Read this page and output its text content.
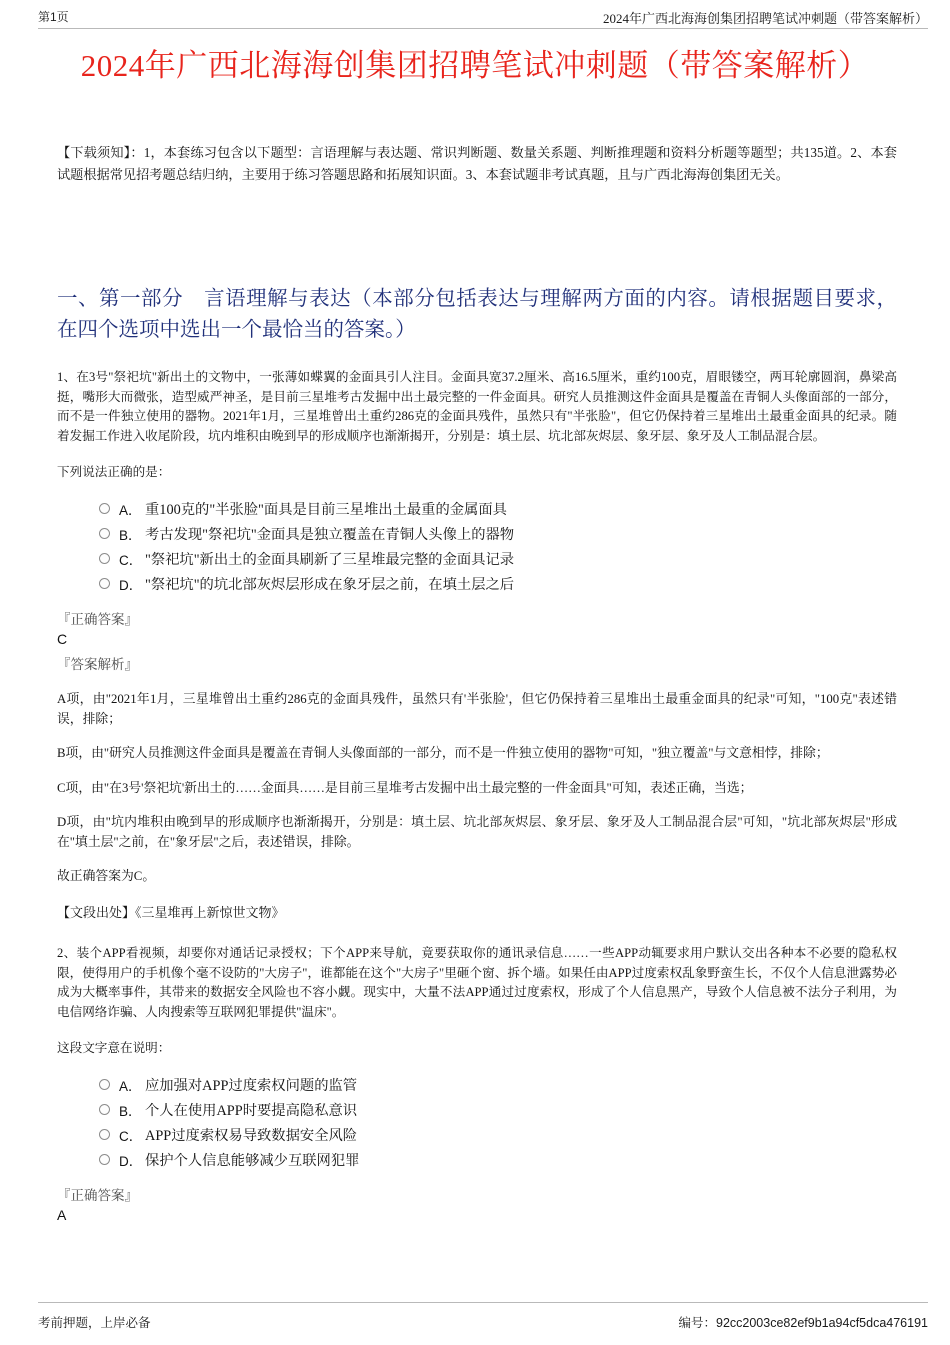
第1页	2024年广西北海海创集团招聘笔试冲刺题（带答案解析）
2024年广西北海海创集团招聘笔试冲刺题（带答案解析）

【下载须知】：1，本套练习包含以下题型：言语理解与表达题、常识判断题、数量关系题、判断推理题和资料分析题等题型；共135道。2、本套试题根据常见招考题总结归纳，主要用于练习答题思路和拓展知识面。3、本套试题非考试真题，且与广西北海海创集团无关。

一、第一部分　言语理解与表达（本部分包括表达与理解两方面的内容。请根据题目要求，在四个选项中选出一个最恰当的答案。）
1、在3号"祭祀坑"新出土的文物中，一张薄如蝶翼的金面具引人注目。金面具宽37.2厘米、高16.5厘米，重约100克，眉眼镂空，两耳轮廓圆润，鼻梁高挺，嘴形大而微张，造型威严神圣，是目前三星堆考古发掘中出土最完整的一件金面具。研究人员推测这件金面具是覆盖在青铜人头像面部的一部分，而不是一件独立使用的器物。2021年1月，三星堆曾出土重约286克的金面具残件，虽然只有"半张脸"，但它仍保持着三星堆出土最重金面具的纪录。随着发掘工作进入收尾阶段，坑内堆积由晚到早的形成顺序也渐渐揭开，分别是：填土层、坑北部灰烬层、象牙层、象牙及人工制品混合层。
下列说法正确的是：
A． 重100克的"半张脸"面具是目前三星堆出土最重的金属面具
B． 考古发现"祭祀坑"金面具是独立覆盖在青铜人头像上的器物
C． "祭祀坑"新出土的金面具刷新了三星堆最完整的金面具记录
D． "祭祀坑"的坑北部灰烬层形成在象牙层之前，在填土层之后
『正确答案』
C
『答案解析』
A项，由"2021年1月，三星堆曾出土重约286克的金面具残件，虽然只有'半张脸'，但它仍保持着三星堆出土最重金面具的纪录"可知，"100克"表述错误，排除；
B项，由"研究人员推测这件金面具是覆盖在青铜人头像面部的一部分，而不是一件独立使用的器物"可知，"独立覆盖"与文意相悖，排除；
C项，由"在3号'祭祀坑'新出土的……金面具……是目前三星堆考古发掘中出土最完整的一件金面具"可知，表述正确，当选；
D项，由"坑内堆积由晚到早的形成顺序也渐渐揭开，分别是：填土层、坑北部灰烬层、象牙层、象牙及人工制品混合层"可知，"坑北部灰烬层"形成在"填土层"之前，在"象牙层"之后，表述错误，排除。
故正确答案为C。
【文段出处】《三星堆再上新惊世文物》
2、装个APP看视频，却要你对通话记录授权；下个APP来导航，竟要获取你的通讯录信息……一些APP动辄要求用户默认交出各种本不必要的隐私权限，使得用户的手机像个毫不设防的"大房子"，谁都能在这个"大房子"里砸个窗、拆个墙。如果任由APP过度索权乱象野蛮生长，不仅个人信息泄露势必成为大概率事件，其带来的数据安全风险也不容小觑。现实中，大量不法APP通过过度索权，形成了个人信息黑产，导致个人信息被不法分子利用，为电信网络诈骗、人肉搜索等互联网犯罪提供"温床"。
这段文字意在说明：
A． 应加强对APP过度索权问题的监管
B． 个人在使用APP时要提高隐私意识
C． APP过度索权易导致数据安全风险
D． 保护个人信息能够减少互联网犯罪
『正确答案』
A
考前押题，上岸必备	编号：92cc2003ce82ef9b1a94cf5dca476191
